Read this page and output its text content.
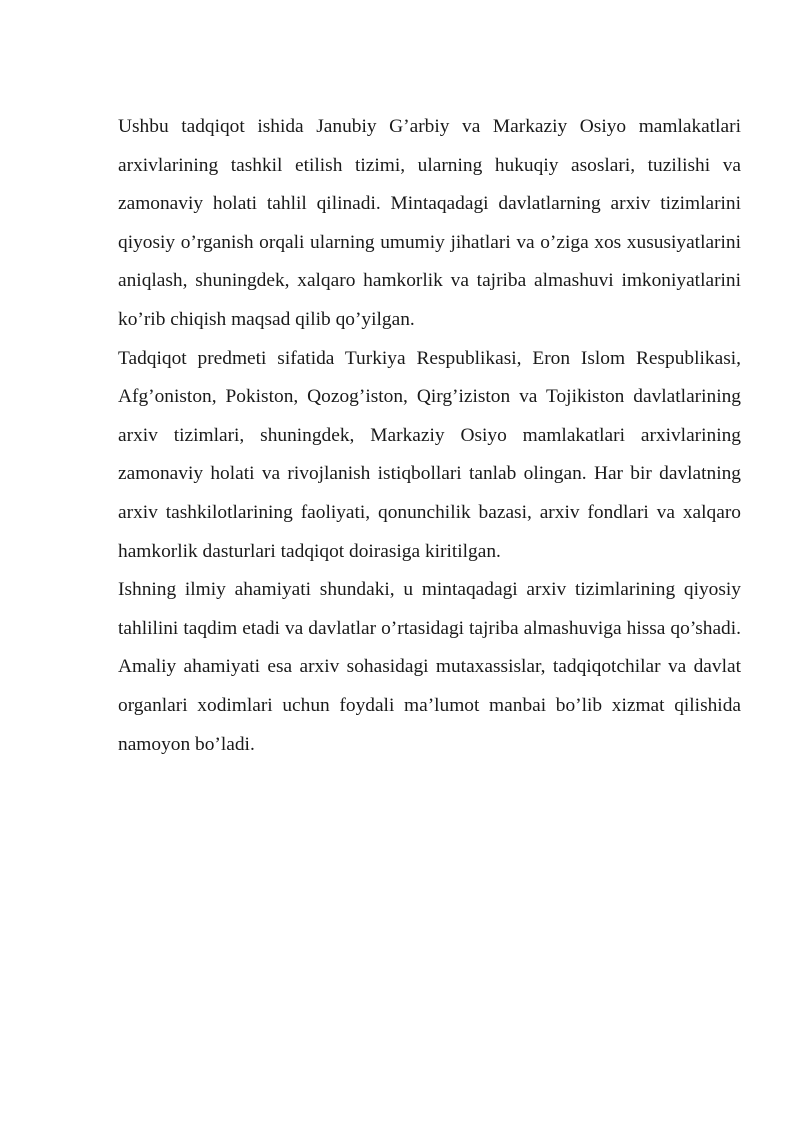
Ushbu tadqiqot ishida Janubiy G’arbiy va Markaziy Osiyo mamlakatlari arxivlarining tashkil etilish tizimi, ularning hukuqiy asoslari, tuzilishi va zamonaviy holati tahlil qilinadi. Mintaqadagi davlatlarning arxiv tizimlarini qiyosiy o’rganish orqali ularning umumiy jihatlari va o’ziga xos xususiyatlarini aniqlash, shuningdek, xalqaro hamkorlik va tajriba almashuvi imkoniyatlarini ko’rib chiqish maqsad qilib qo’yilgan.

Tadqiqot predmeti sifatida Turkiya Respublikasi, Eron Islom Respublikasi, Afg’oniston, Pokiston, Qozog’iston, Qirg’iziston va Tojikiston davlatlarining arxiv tizimlari, shuningdek, Markaziy Osiyo mamlakatlari arxivlarining zamonaviy holati va rivojlanish istiqbollari tanlab olingan. Har bir davlatning arxiv tashkilotlarining faoliyati, qonunchilik bazasi, arxiv fondlari va xalqaro hamkorlik dasturlari tadqiqot doirasiga kiritilgan.

Ishning ilmiy ahamiyati shundaki, u mintaqadagi arxiv tizimlarining qiyosiy tahlilini taqdim etadi va davlatlar o’rtasidagi tajriba almashuviga hissa qo’shadi. Amaliy ahamiyati esa arxiv sohasidagi mutaxassislar, tadqiqotchilar va davlat organlari xodimlari uchun foydali ma’lumot manbai bo’lib xizmat qilishida namoyon bo’ladi.
